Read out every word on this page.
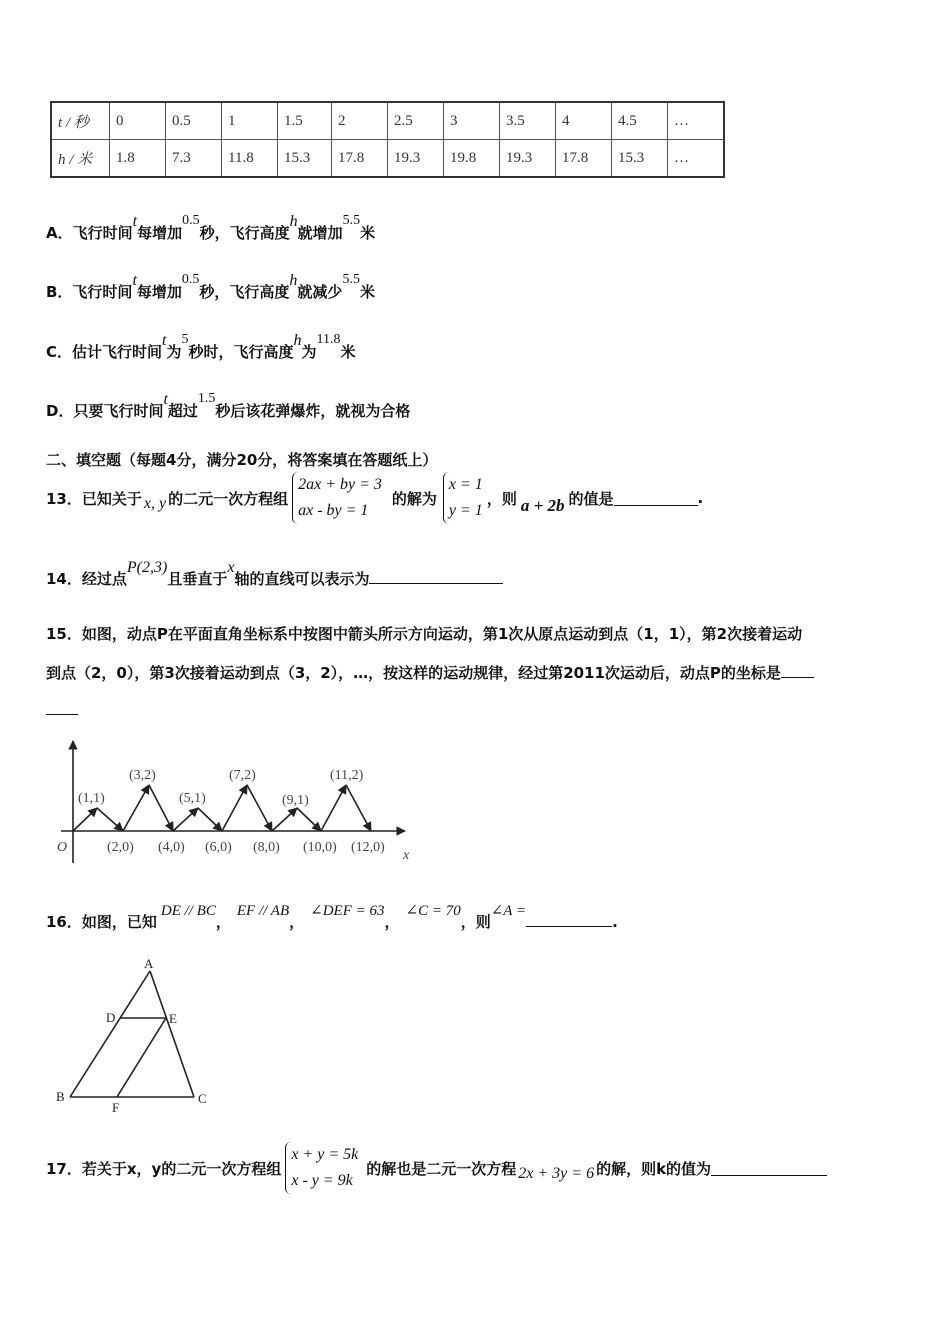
t / 秒	0	0.5	1	1.5	2	2.5	3	3.5	4	4.5	…
h / 米	1.8	7.3	11.8	15.3	17.8	19.3	19.8	19.3	17.8	15.3	…
A．飞行时间t每增加0.5秒，飞行高度h就增加5.5米
B．飞行时间t每增加0.5秒，飞行高度h就减少5.5米
C．估计飞行时间t为5秒时，飞行高度h为11.8米
D．只要飞行时间t超过1.5秒后该花弹爆炸，就视为合格
二、填空题（每题4分，满分20分，将答案填在答题纸上）
13．已知关于 x, y 的二元一次方程组
2ax + by = 3
ax - by = 1
的解为
x = 1
y = 1
，则 a + 2b 的值是	.
14．经过点P(2,3)且垂直于x轴的直线可以表示为
15．如图，动点P在平面直角坐标系中按图中箭头所示方向运动，第1次从原点运动到点（1，1），第2次接着运动
到点（2，0），第3次接着运动到点（3，2），…，按这样的运动规律，经过第2011次运动后，动点P的坐标是
O
x
(1,1)
(3,2)
(5,1)
(7,2)
(9,1)
(11,2)
(2,0) (4,0) (6,0) (8,0) (10,0) (12,0)
16．如图，已知DE // BC，EF // AB，∠DEF = 63，∠C = 70，则∠A =.
A
D	E
B
F
C
17．若关于x，y的二元一次方程组
x + y = 5k
x - y = 9k
的解也是二元一次方程 2x + 3y = 6 的解，则k的值为
